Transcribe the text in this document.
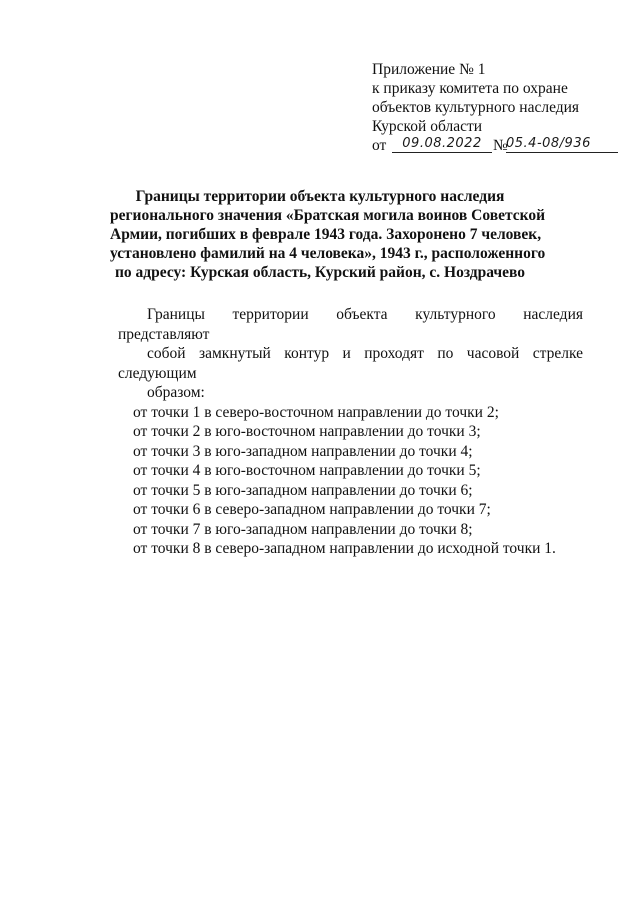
Приложение № 1
к приказу комитета по охране
объектов культурного наследия
Курской области
от	09.08.2022 №
05.4-08/936
Границы территории объекта культурного наследия
регионального значения «Братская могила воинов Советской
Армии, погибших в феврале 1943 года. Захоронено 7 человек,
установлено фамилий на 4 человека», 1943 г., расположенного
по адресу: Курская область, Курский район, с. Ноздрачево
Границы территории объекта культурного наследия представляют
собой замкнутый контур и проходят по часовой стрелке следующим
образом:
от точки 1 в северо-восточном направлении до точки 2;
от точки 2 в юго-восточном направлении до точки 3;
от точки 3 в юго-западном направлении до точки 4;
от точки 4 в юго-восточном направлении до точки 5;
от точки 5 в юго-западном направлении до точки 6;
от точки 6 в северо-западном направлении до точки 7;
от точки 7 в юго-западном направлении до точки 8;
от точки 8 в северо-западном направлении до исходной точки 1.
